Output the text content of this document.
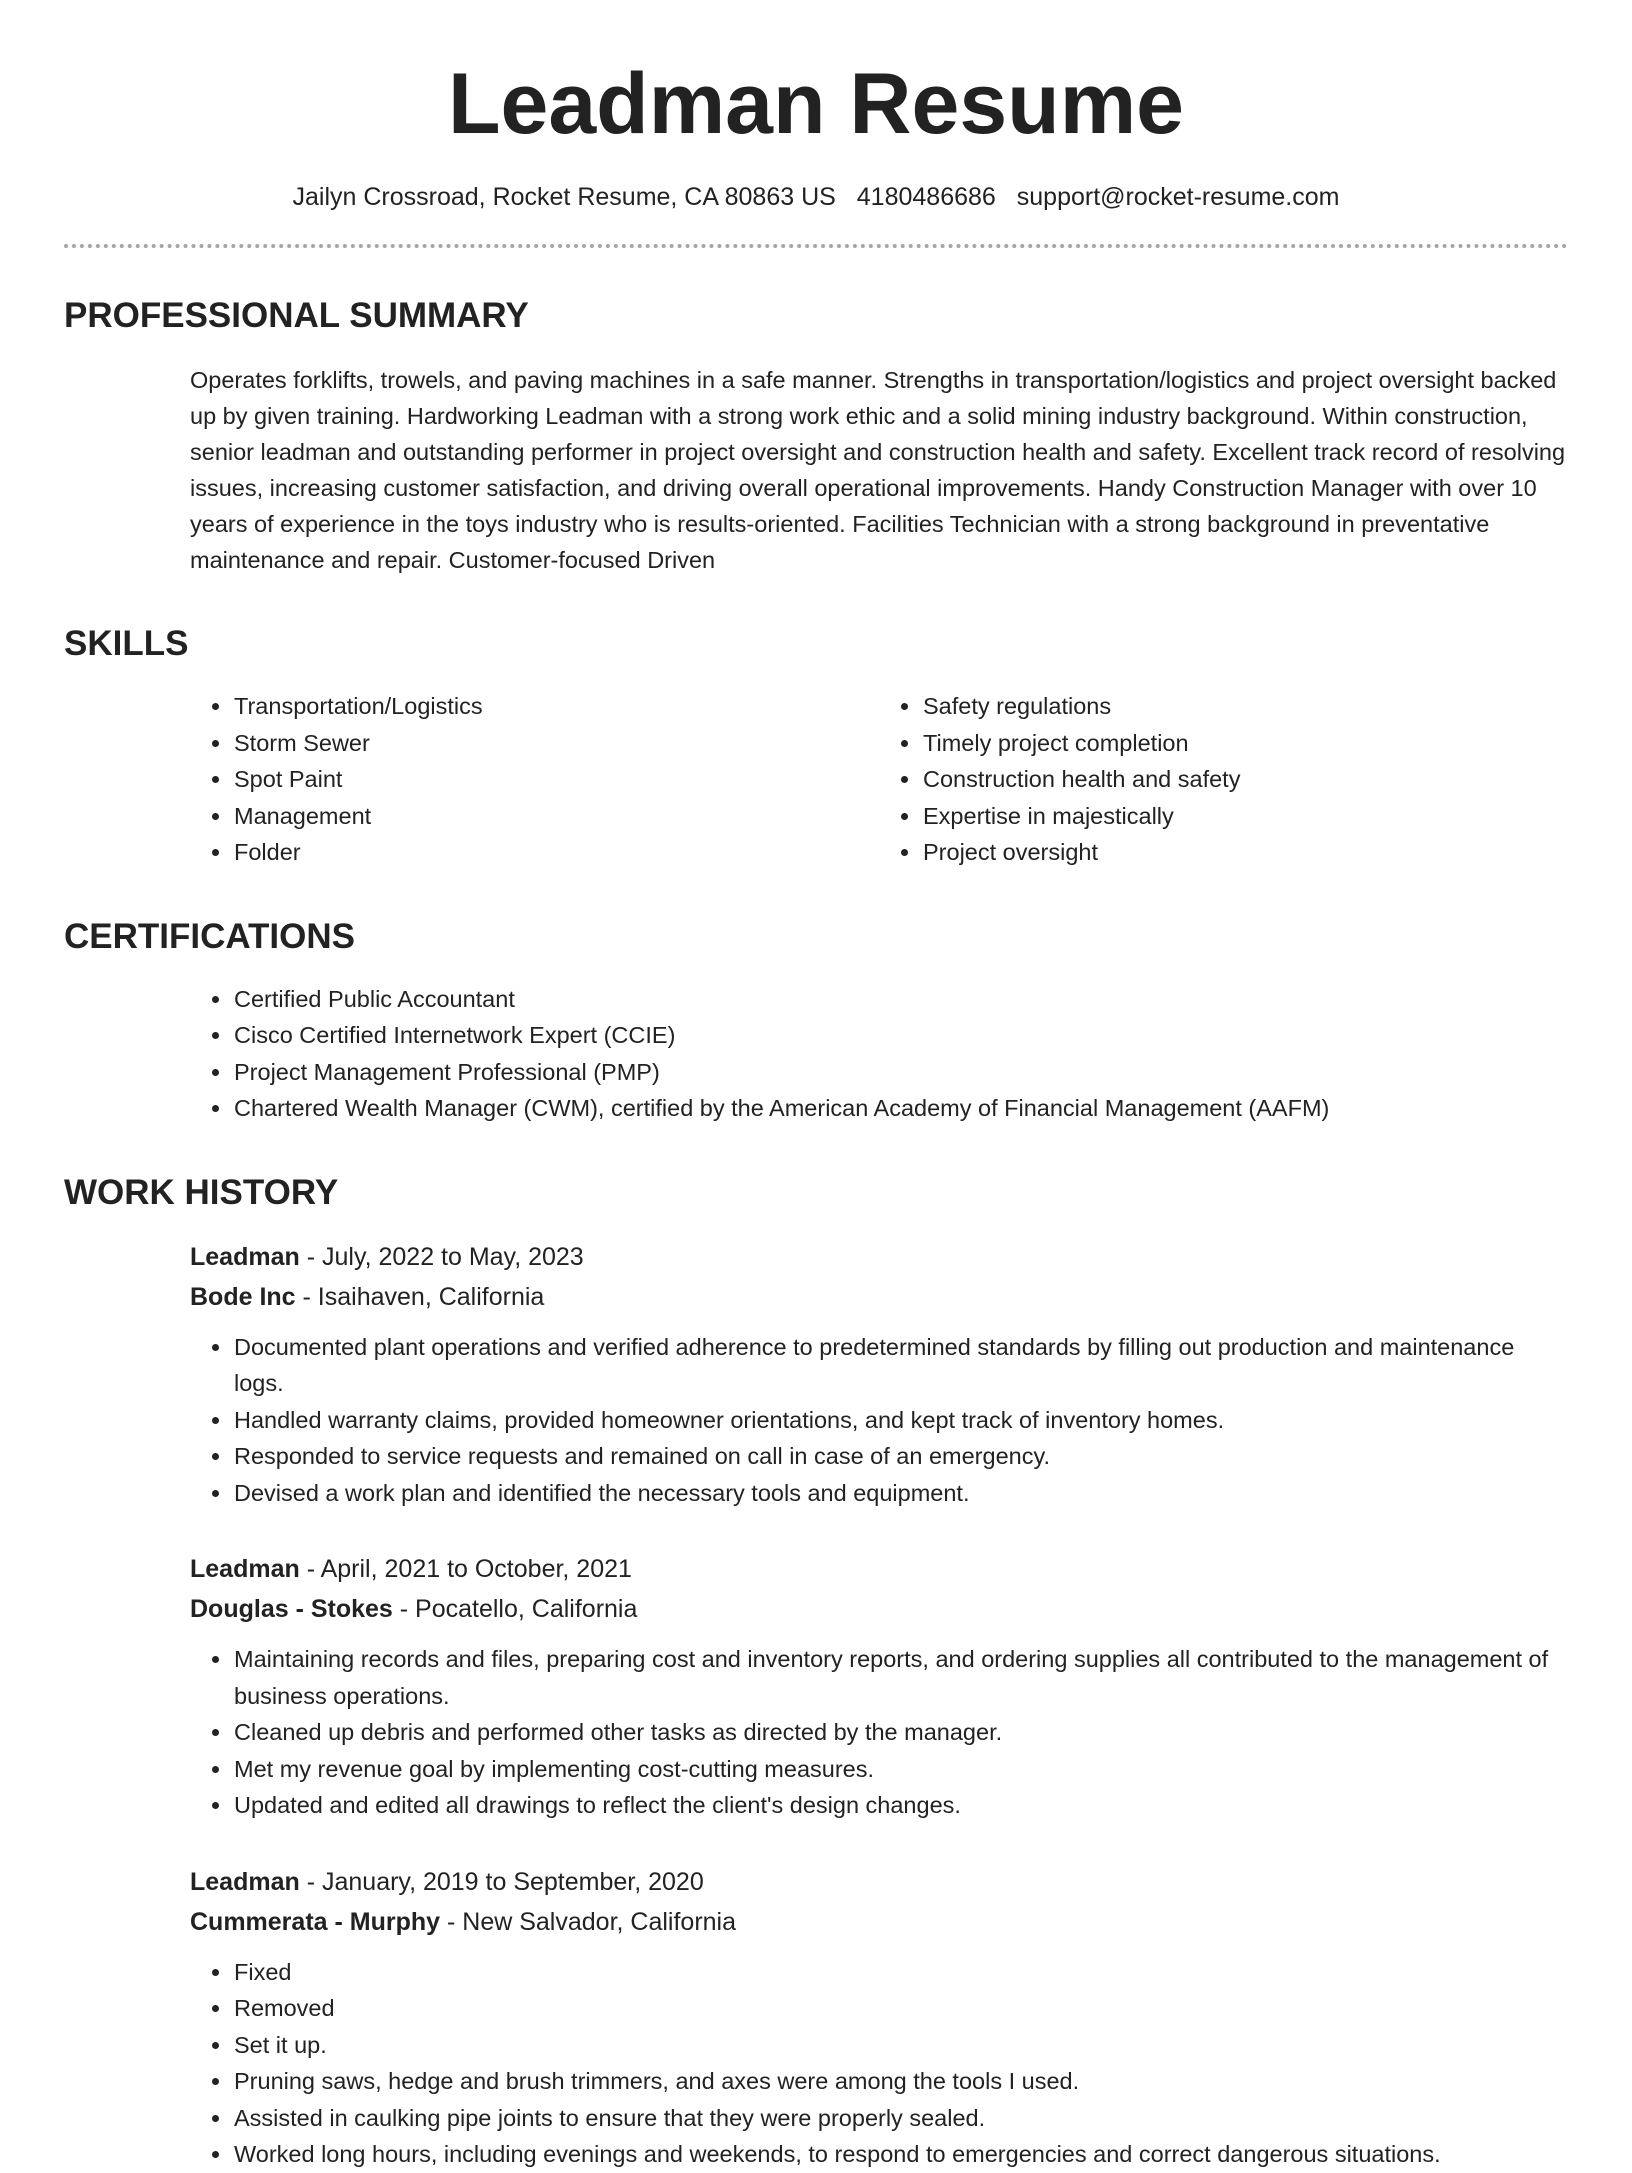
Leadman Resume
Jailyn Crossroad, Rocket Resume, CA 80863 US 4180486686 support@rocket-resume.com
PROFESSIONAL SUMMARY
Operates forklifts, trowels, and paving machines in a safe manner. Strengths in transportation/logistics and project oversight backed up by given training. Hardworking Leadman with a strong work ethic and a solid mining industry background. Within construction, senior leadman and outstanding performer in project oversight and construction health and safety. Excellent track record of resolving issues, increasing customer satisfaction, and driving overall operational improvements. Handy Construction Manager with over 10 years of experience in the toys industry who is results-oriented. Facilities Technician with a strong background in preventative maintenance and repair. Customer-focused Driven
SKILLS
• Transportation/Logistics
• Storm Sewer
• Spot Paint
• Management
• Folder
• Safety regulations
• Timely project completion
• Construction health and safety
• Expertise in majestically
• Project oversight
CERTIFICATIONS
• Certified Public Accountant
• Cisco Certified Internetwork Expert (CCIE)
• Project Management Professional (PMP)
• Chartered Wealth Manager (CWM), certified by the American Academy of Financial Management (AAFM)
WORK HISTORY
Leadman - July, 2022 to May, 2023
Bode Inc - Isaihaven, California
• Documented plant operations and verified adherence to predetermined standards by filling out production and maintenance logs.
• Handled warranty claims, provided homeowner orientations, and kept track of inventory homes.
• Responded to service requests and remained on call in case of an emergency.
• Devised a work plan and identified the necessary tools and equipment.
Leadman - April, 2021 to October, 2021
Douglas - Stokes - Pocatello, California
• Maintaining records and files, preparing cost and inventory reports, and ordering supplies all contributed to the management of business operations.
• Cleaned up debris and performed other tasks as directed by the manager.
• Met my revenue goal by implementing cost-cutting measures.
• Updated and edited all drawings to reflect the client's design changes.
Leadman - January, 2019 to September, 2020
Cummerata - Murphy - New Salvador, California
• Fixed
• Removed
• Set it up.
• Pruning saws, hedge and brush trimmers, and axes were among the tools I used.
• Assisted in caulking pipe joints to ensure that they were properly sealed.
• Worked long hours, including evenings and weekends, to respond to emergencies and correct dangerous situations.
